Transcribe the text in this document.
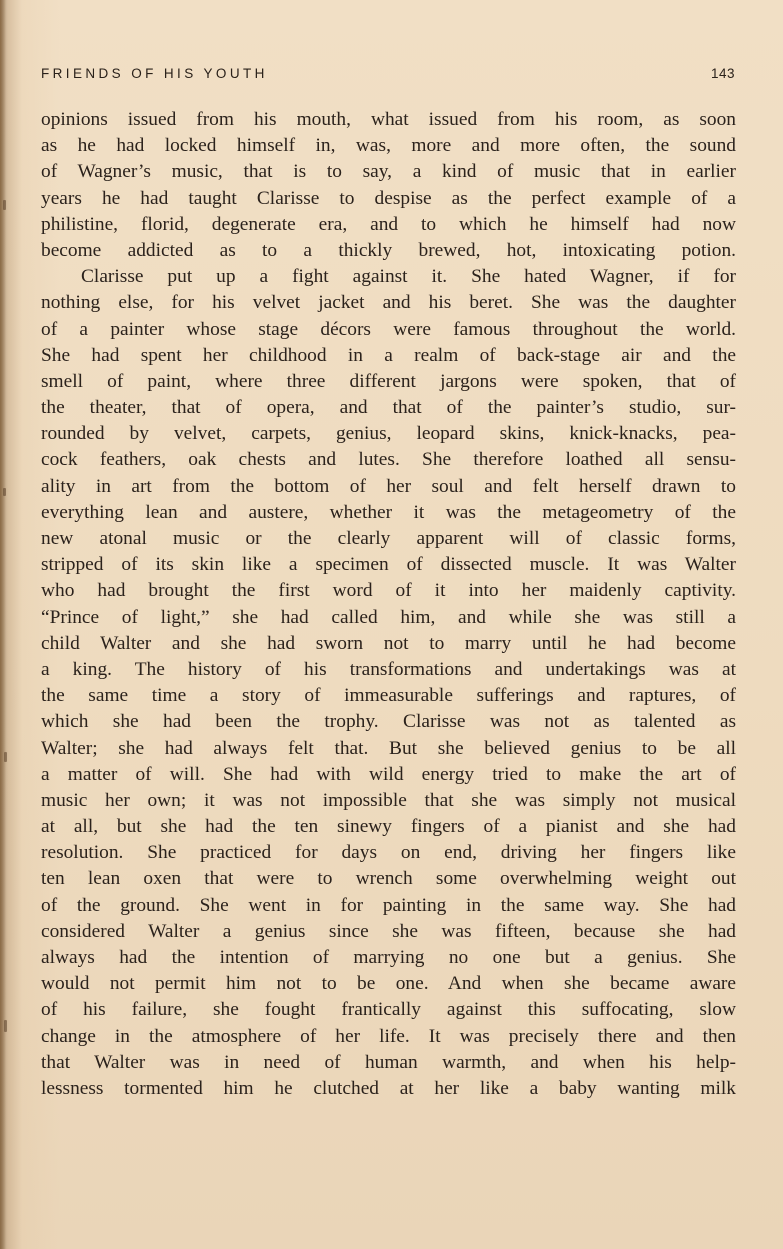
FRIENDS OF HIS YOUTH	143
opinions issued from his mouth, what issued from his room, as soon
as he had locked himself in, was, more and more often, the sound
of Wagner’s music, that is to say, a kind of music that in earlier
years he had taught Clarisse to despise as the perfect example of a
philistine, florid, degenerate era, and to which he himself had now
become addicted as to a thickly brewed, hot, intoxicating potion.
Clarisse put up a fight against it. She hated Wagner, if for
nothing else, for his velvet jacket and his beret. She was the daughter
of a painter whose stage décors were famous throughout the world.
She had spent her childhood in a realm of back-stage air and the
smell of paint, where three different jargons were spoken, that of
the theater, that of opera, and that of the painter’s studio, sur-
rounded by velvet, carpets, genius, leopard skins, knick-knacks, pea-
cock feathers, oak chests and lutes. She therefore loathed all sensu-
ality in art from the bottom of her soul and felt herself drawn to
everything lean and austere, whether it was the metageometry of the
new atonal music or the clearly apparent will of classic forms,
stripped of its skin like a specimen of dissected muscle. It was Walter
who had brought the first word of it into her maidenly captivity.
“Prince of light,” she had called him, and while she was still a
child Walter and she had sworn not to marry until he had become
a king. The history of his transformations and undertakings was at
the same time a story of immeasurable sufferings and raptures, of
which she had been the trophy. Clarisse was not as talented as
Walter; she had always felt that. But she believed genius to be all
a matter of will. She had with wild energy tried to make the art of
music her own; it was not impossible that she was simply not musical
at all, but she had the ten sinewy fingers of a pianist and she had
resolution. She practiced for days on end, driving her fingers like
ten lean oxen that were to wrench some overwhelming weight out
of the ground. She went in for painting in the same way. She had
considered Walter a genius since she was fifteen, because she had
always had the intention of marrying no one but a genius. She
would not permit him not to be one. And when she became aware
of his failure, she fought frantically against this suffocating, slow
change in the atmosphere of her life. It was precisely there and then
that Walter was in need of human warmth, and when his help-
lessness tormented him he clutched at her like a baby wanting milk
